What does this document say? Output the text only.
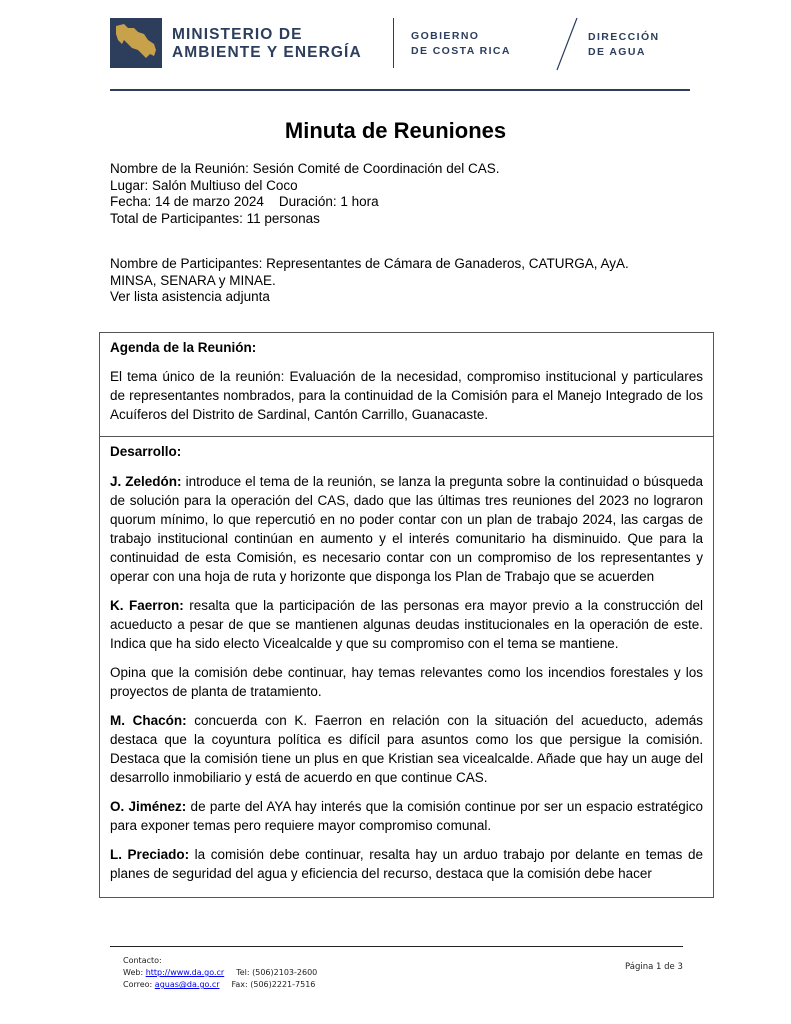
MINISTERIO DE
AMBIENTE Y ENERGÍA
GOBIERNO
DE COSTA RICA
DIRECCIÓN
DE AGUA
Minuta de Reuniones
Nombre de la Reunión: Sesión Comité de Coordinación del CAS.
Lugar: Salón Multiuso del Coco
Fecha: 14 de marzo 2024    Duración: 1 hora
Total de Participantes: 11 personas
Nombre de Participantes: Representantes de Cámara de Ganaderos, CATURGA, AyA.
MINSA, SENARA y MINAE.
Ver lista asistencia adjunta
Agenda de la Reunión:
El tema único de la reunión: Evaluación de la necesidad, compromiso institucional y particulares de representantes nombrados, para la continuidad de la Comisión para el Manejo Integrado de los Acuíferos del Distrito de Sardinal, Cantón Carrillo, Guanacaste.
Desarrollo:
J. Zeledón: introduce el tema de la reunión, se lanza la pregunta sobre la continuidad o búsqueda de solución para la operación del CAS, dado que las últimas tres reuniones del 2023 no lograron quorum mínimo, lo que repercutió en no poder contar con un plan de trabajo 2024, las cargas de trabajo institucional continúan en aumento y el interés comunitario ha disminuido. Que para la continuidad de esta Comisión, es necesario contar con un compromiso de los representantes y operar con una hoja de ruta y horizonte que disponga los Plan de Trabajo que se acuerden
K. Faerron: resalta que la participación de las personas era mayor previo a la construcción del acueducto a pesar de que se mantienen algunas deudas institucionales en la operación de este. Indica que ha sido electo Vicealcalde y que su compromiso con el tema se mantiene.
Opina que la comisión debe continuar, hay temas relevantes como los incendios forestales y los proyectos de planta de tratamiento.
M. Chacón: concuerda con K. Faerron en relación con la situación del acueducto, además destaca que la coyuntura política es difícil para asuntos como los que persigue la comisión. Destaca que la comisión tiene un plus en que Kristian sea vicealcalde. Añade que hay un auge del desarrollo inmobiliario y está de acuerdo en que continue CAS.
O. Jiménez: de parte del AYA hay interés que la comisión continue por ser un espacio estratégico para exponer temas pero requiere mayor compromiso comunal.
L. Preciado: la comisión debe continuar, resalta hay un arduo trabajo por delante en temas de planes de seguridad del agua y eficiencia del recurso, destaca que la comisión debe hacer
Contacto:
Web: http://www.da.go.cr Tel: (506)2103-2600
Correo: aguas@da.go.cr Fax: (506)2221-7516
Página 1 de 3
